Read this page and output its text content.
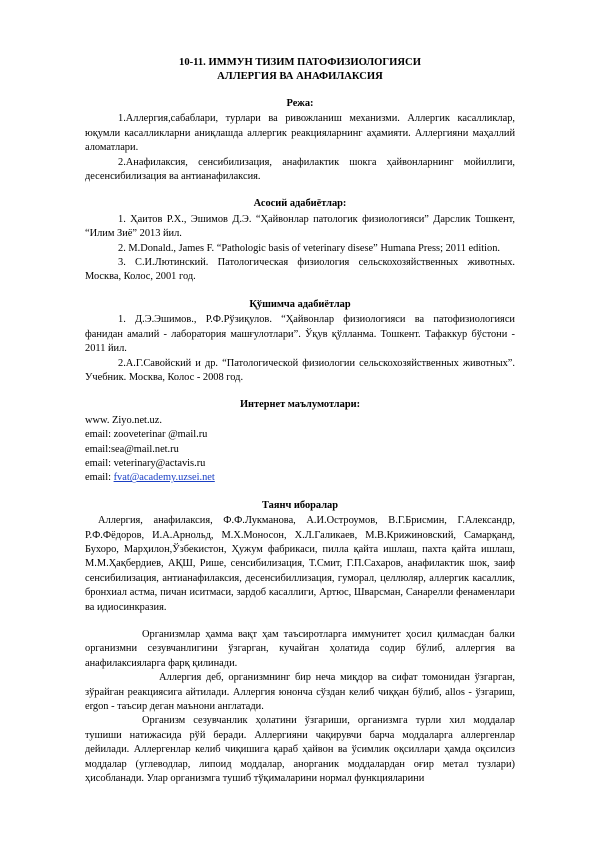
10-11. ИММУН ТИЗИМ ПАТОФИЗИОЛОГИЯСИ
АЛЛЕРГИЯ ВА АНАФИЛАКСИЯ
Режа:

1.Аллергия,сабаблари, турлари ва ривожланиш механизми. Аллергик касалликлар, юқумли касалликларни аниқлашда аллергик реакцияларнинг аҳамияти. Аллергияни маҳаллий аломатлари.

2.Анафилаксия, сенсибилизация, анафилактик шокга ҳайвонларнинг мойиллиги, десенсибилизация ва антианафилаксия.

Асосий адабиётлар:

1. Ҳаитов Р.Х., Эшимов Д.Э. “Ҳайвонлар патологик физиологияси” Дарслик Тошкент, “Илим Зиё” 2013 йил.

2. M.Donald., James F. “Pathologic basis of veterinary disese” Humana Press; 2011 edition.

3. С.И.Лютинский. Патологическая физиология сельскохозяйственных животных. Москва, Колос, 2001 год.

Қўшимча адабиётлар

1. Д.Э.Эшимов., Р.Ф.Рўзиқулов. “Ҳайвонлар физиологияси ва патофизиологияси фанидан амалий - лаборатория машғулотлари”. Ўқув қўлланма. Тошкент. Тафаккур бўстони - 2011 йил.

2.А.Г.Савойский и др. “Патологической физиологии сельскохозяйственных животных”. Учебник. Москва, Колос - 2008 год.

Интернет маълумотлари:

www. Ziyo.net.uz.

email: zooveterinar @mail.ru

email:sea@mail.net.ru

email: veterinary@actavis.ru

email: fvat@academy.uzsei.net

Таянч иборалар

Аллергия, анафилаксия, Ф.Ф.Лукманова, А.И.Остроумов, В.Г.Брисмин, Г.Александр, Р.Ф.Фёдоров, И.А.Арнольд, М.Х.Моносон, Х.Л.Галикаев, М.В.Крижиновский, Самарқанд, Бухоро, Марҳилон,Ўзбекистон, Ҳужум фабрикаси, пилла қайта ишлаш, пахта қайта ишлаш, М.М.Ҳақбердиев, АҚШ, Рише, сенсибилизация, Т.Смит, Г.П.Сахаров, анафилактик шок, заиф сенсибилизация, антианафилаксия, десенсибиллизация, гуморал, целлюляр, аллергик касаллик, бронхиал астма, пичан иситмаси, зардоб касаллиги, Артюс, Шварсман, Санарелли фенаменлари ва идиосинкразия.

Организмлар ҳамма вақт ҳам таъсиротларга иммунитет ҳосил қилмасдан балки организмни сезувчанлигини ўзгарган, кучайган ҳолатида содир бўлиб, аллергия ва анафилаксияларга фарқ қилинади.

Аллергия деб, организмнинг бир неча миқдор ва сифат томонидан ўзгарган, зўрайган реакциясига айтилади. Аллергия юнонча сўздан келиб чиққан бўлиб, allos - ўзгариш, ergon - таъсир деган маънони англатади.

Организм сезувчанлик ҳолатини ўзгариши, организмга турли хил моддалар тушиши натижасида рўй беради. Аллергияни чақирувчи барча моддаларга аллергенлар дейилади. Аллергенлар келиб чиқишига қараб ҳайвон ва ўсимлик оқсиллари ҳамда оқсилсиз моддалар (углеводлар, липоид моддалар, анорганик моддалардан оғир метал тузлари) ҳисобланади. Улар организмга тушиб тўқималарини нормал функцияларини
